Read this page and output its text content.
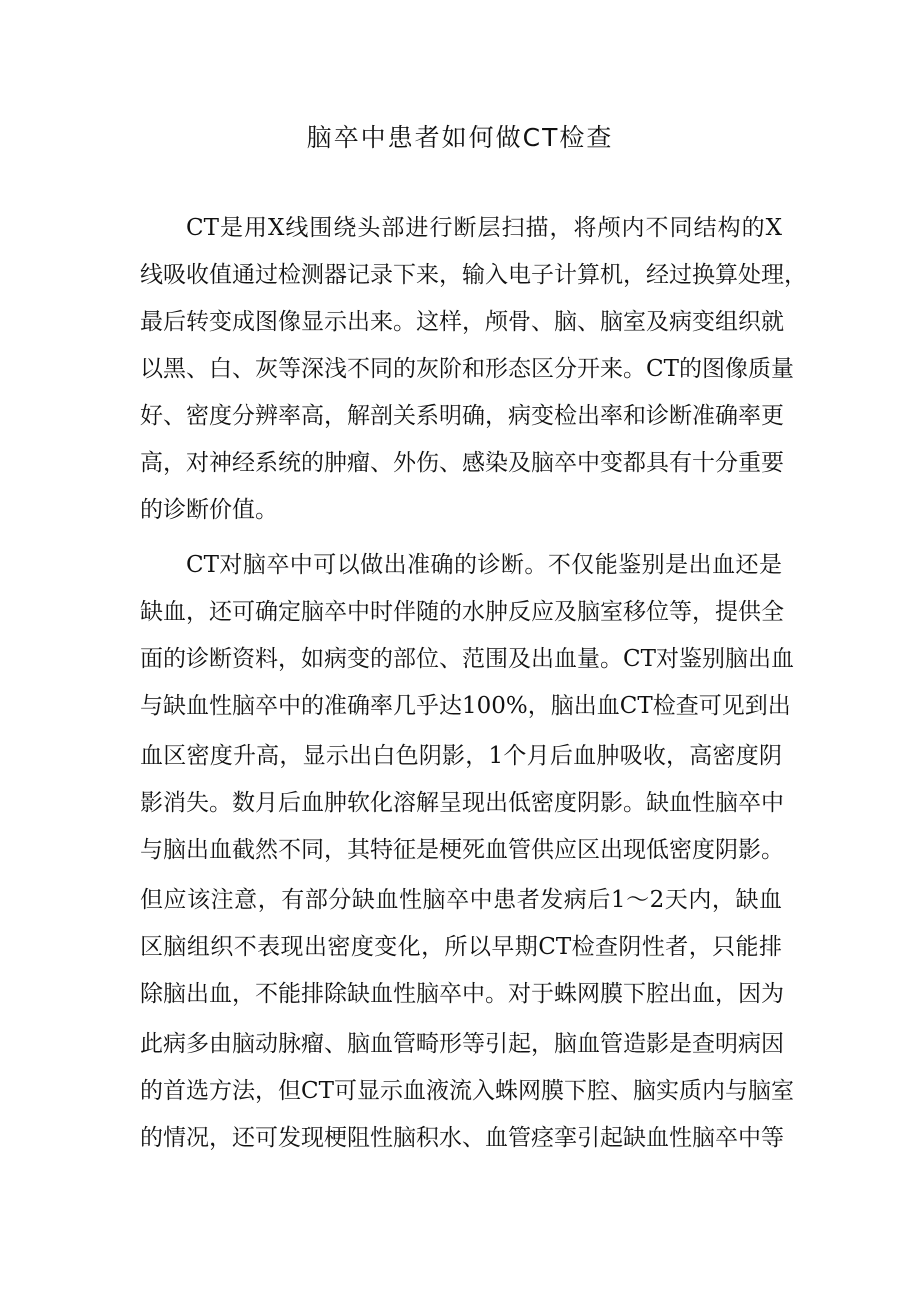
脑卒中患者如何做CT检查
CT是用X线围绕头部进行断层扫描，将颅内不同结构的X
线吸收值通过检测器记录下来，输入电子计算机，经过换算处理，
最后转变成图像显示出来。这样，颅骨、脑、脑室及病变组织就
以黑、白、灰等深浅不同的灰阶和形态区分开来。CT的图像质量
好、密度分辨率高，解剖关系明确，病变检出率和诊断准确率更
高，对神经系统的肿瘤、外伤、感染及脑卒中变都具有十分重要
的诊断价值。
CT对脑卒中可以做出准确的诊断。不仅能鉴别是出血还是
缺血，还可确定脑卒中时伴随的水肿反应及脑室移位等，提供全
面的诊断资料，如病变的部位、范围及出血量。CT对鉴别脑出血
与缺血性脑卒中的准确率几乎达100%，脑出血CT检查可见到出
血区密度升高，显示出白色阴影，1个月后血肿吸收，高密度阴
影消失。数月后血肿软化溶解呈现出低密度阴影。缺血性脑卒中
与脑出血截然不同，其特征是梗死血管供应区出现低密度阴影。
但应该注意，有部分缺血性脑卒中患者发病后1～2天内，缺血
区脑组织不表现出密度变化，所以早期CT检查阴性者，只能排
除脑出血，不能排除缺血性脑卒中。对于蛛网膜下腔出血，因为
此病多由脑动脉瘤、脑血管畸形等引起，脑血管造影是查明病因
的首选方法，但CT可显示血液流入蛛网膜下腔、脑实质内与脑室
的情况，还可发现梗阻性脑积水、血管痉挛引起缺血性脑卒中等
